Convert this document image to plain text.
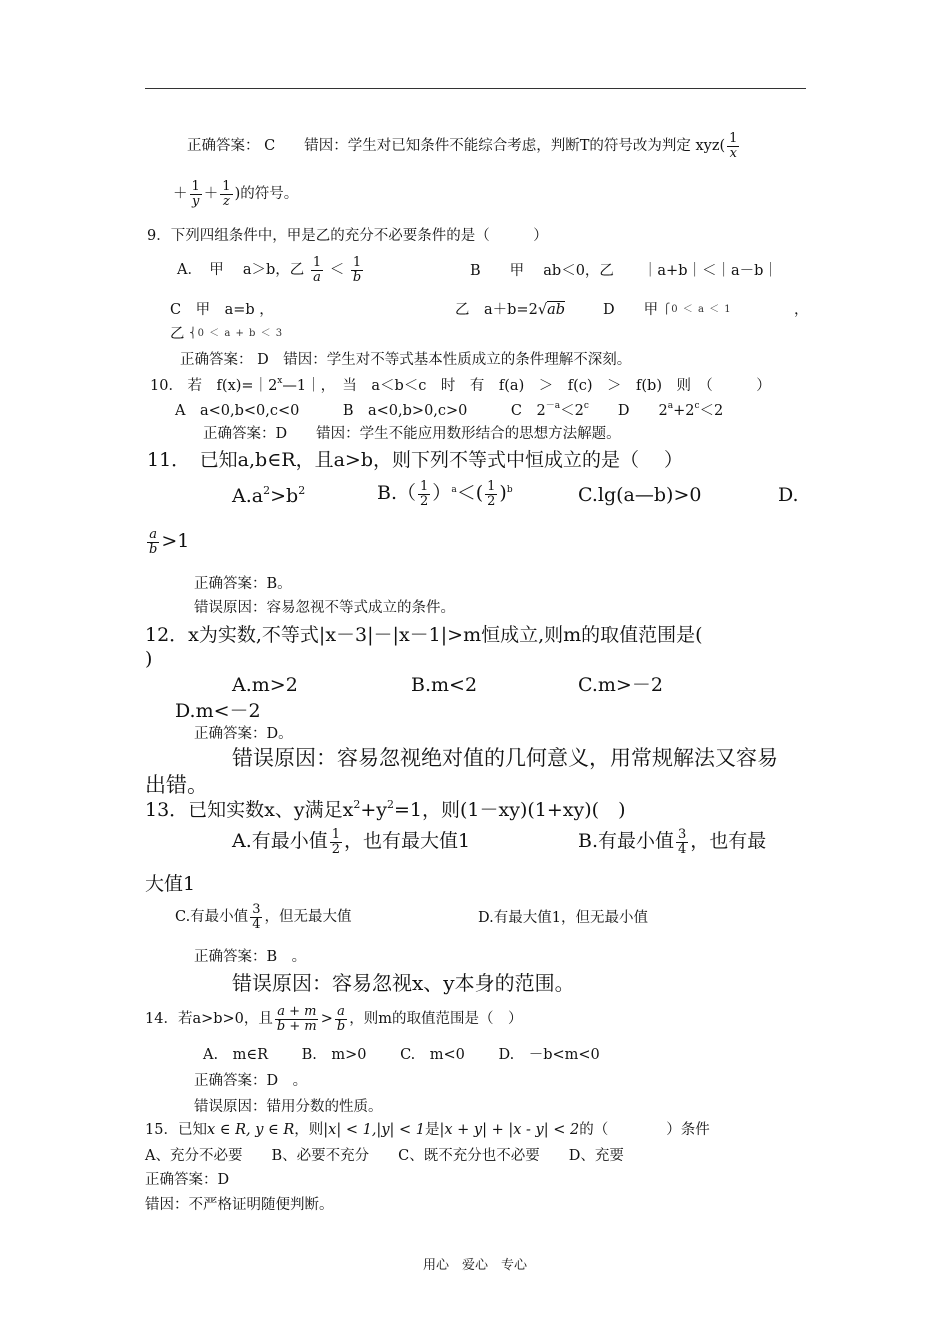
正确答案： C　　错因：学生对已知条件不能综合考虑，判断T的符号改为判定 $xyz( \frac{1}{x}$
＋ $\frac{1}{y} + \frac{1}{z}$ )的符号。
9．下列四组条件中，甲是乙的充分不必要条件的是（　　　）
A．　甲　 a＞b，乙 $\frac{1}{a} < \frac{1}{b}$	B　　甲　 ab＜0，乙　　｜a+b｜＜｜a－b｜
C　甲　a=b ，	乙　a＋b=2√ab	D　　甲 ⎧0 ＜ a ＜ 1	，
乙 ⎨0 ＜ a + b ＜ 3
正确答案： D　错因：学生对不等式基本性质成立的条件理解不深刻。
10． 若　$f(x)=|2^x—1|$，　当　a＜b＜c　时　有　f(a)　＞　f(c)　＞　f(b)　则　（　　　）
A　a<0,b<0,c<0　　　B　a<0,b>0,c>0　　　C　$2^{-a}<2^c$　　D　　$2^a+2^c<2$
正确答案：D　　错因：学生不能应用数形结合的思想方法解题。
11．　已知a,b∈R，且a>b，则下列不等式中恒成立的是（　 ）
$A.a^2>b^2$	$B.( \frac{1}{2} )^a<( \frac{1}{2} )^b$	C.lg(a—b)>0	D.
$\frac{a}{b} >1$
正确答案：B。
错误原因：容易忽视不等式成立的条件。
12．x为实数,不等式|x－3|－|x－1|>m恒成立,则m的取值范围是(
)
A.m>2	B.m<2	C.m>－2
D.m<－2
正确答案：D。
错误原因：容易忽视绝对值的几何意义，用常规解法又容易
出错。
13．已知实数x、y满足$x^2+y^2=1$，则(1－xy)(1+xy)(　)
A.有最小值 $\frac{1}{2}$ ，也有最大值1	B.有最小值 $\frac{3}{4}$ ，也有最
大值1
C.有最小值 $\frac{3}{4}$ ，但无最大值	D.有最大值1，但无最小值
正确答案：B　。
错误原因：容易忽视x、y本身的范围。
14．若a>b>0，且 $\frac{a + m}{b + m} > \frac{a}{b}$ ，则m的取值范围是（　）
A.　m∈R　　 B.　m>0　　 C.　m<0　　 D.　－b<m<0
正确答案：D　。
错误原因：错用分数的性质。
15．已知x ∈ R, y ∈ R，则|x| < 1,|y| < 1是|x + y| + |x - y| < 2的（　　　　）条件
A、充分不必要　　B、必要不充分　　C、既不充分也不必要　　D、充要
正确答案：D
错因：不严格证明随便判断。
用心　爱心　专心
